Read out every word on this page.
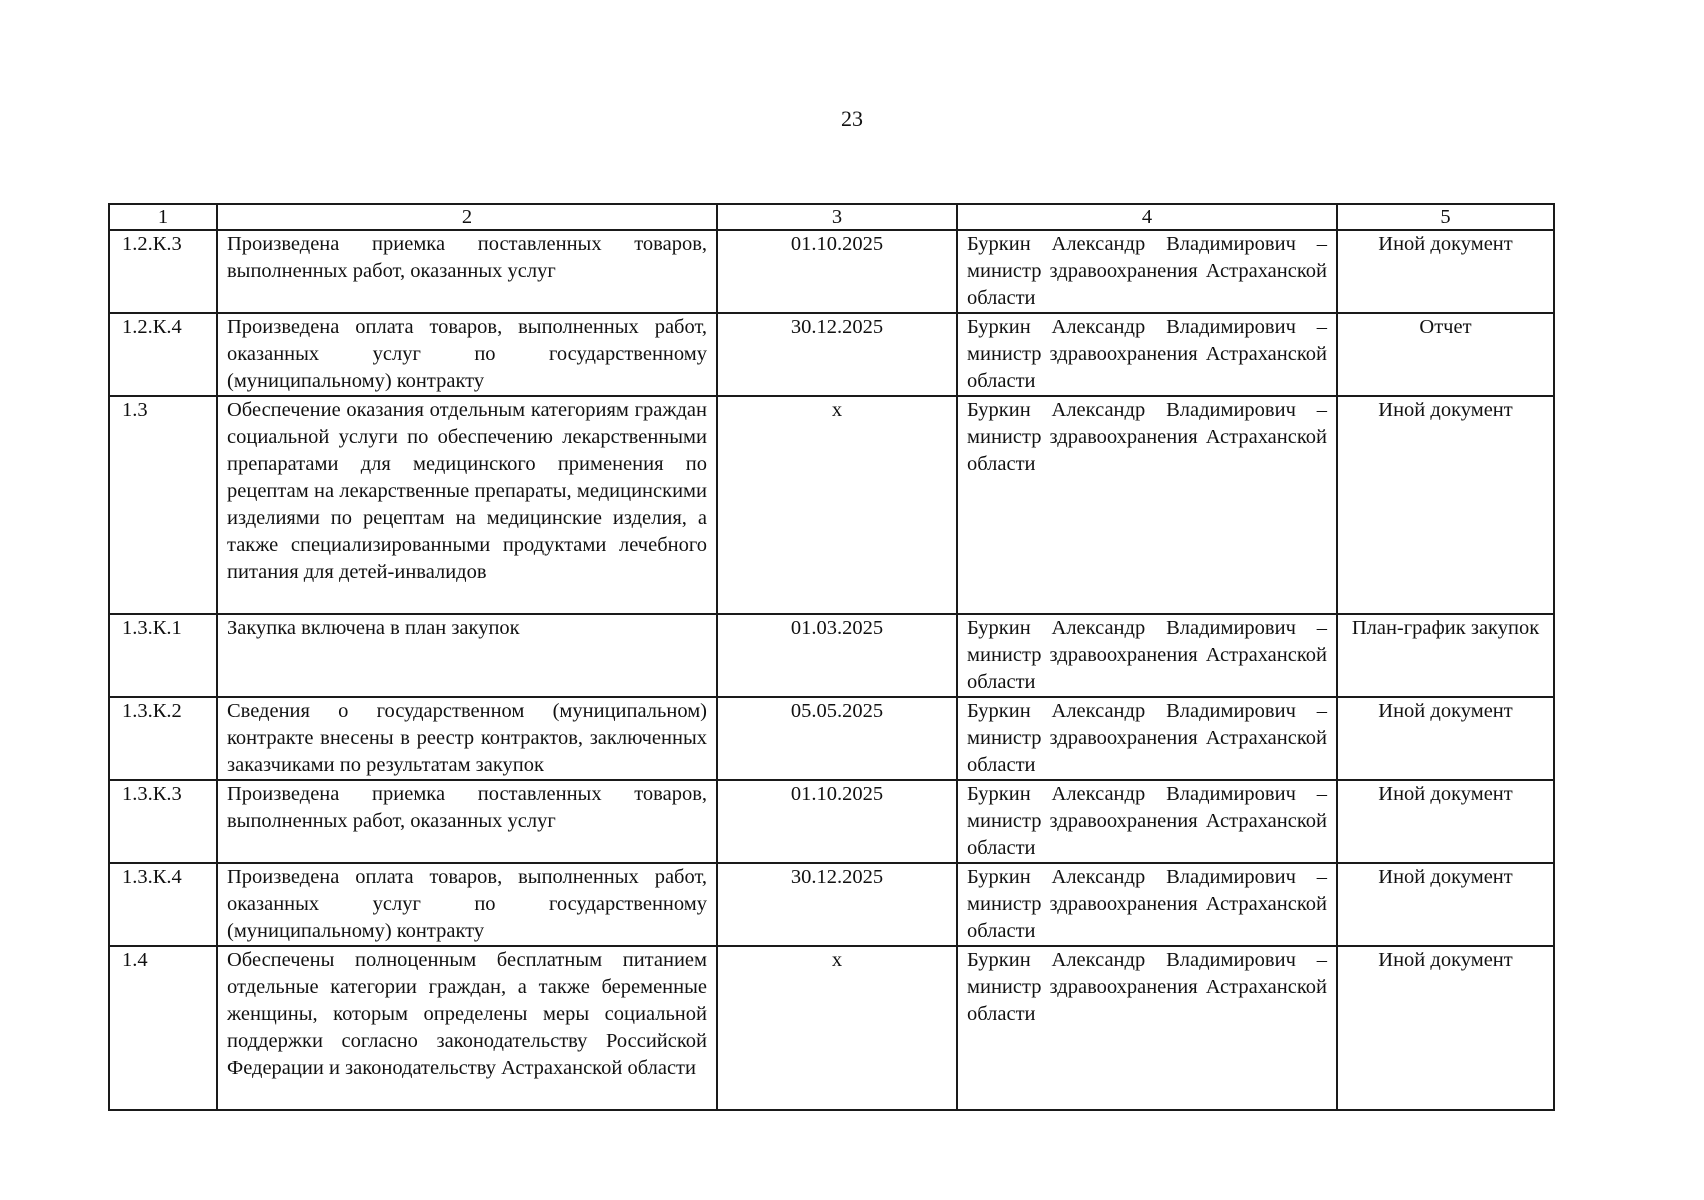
23
1	2	3	4	5
1.2.К.3	Произведена приемка поставленных товаров, выполненных работ, оказанных услуг	01.10.2025	Буркин Александр Владимирович – министр здравоохранения Астраханской области	Иной документ
1.2.К.4	Произведена оплата товаров, выполненных работ, оказанных услуг по государственному (муниципальному) контракту	30.12.2025	Буркин Александр Владимирович – министр здравоохранения Астраханской области	Отчет
1.3	Обеспечение оказания отдельным категориям граждан социальной услуги по обеспечению лекарственными препаратами для медицинского применения по рецептам на лекарственные препараты, медицинскими изделиями по рецептам на медицинские изделия, а также специализированными продуктами лечебного питания для детей-инвалидов	x	Буркин Александр Владимирович – министр здравоохранения Астраханской области	Иной документ
1.3.К.1	Закупка включена в план закупок	01.03.2025	Буркин Александр Владимирович – министр здравоохранения Астраханской области	План-график закупок
1.3.К.2	Сведения о государственном (муниципальном) контракте внесены в реестр контрактов, заключенных заказчиками по результатам закупок	05.05.2025	Буркин Александр Владимирович – министр здравоохранения Астраханской области	Иной документ
1.3.К.3	Произведена приемка поставленных товаров, выполненных работ, оказанных услуг	01.10.2025	Буркин Александр Владимирович – министр здравоохранения Астраханской области	Иной документ
1.3.К.4	Произведена оплата товаров, выполненных работ, оказанных услуг по государственному (муниципальному) контракту	30.12.2025	Буркин Александр Владимирович – министр здравоохранения Астраханской области	Иной документ
1.4	Обеспечены полноценным бесплатным питанием отдельные категории граждан, а также беременные женщины, которым определены меры социальной поддержки согласно законодательству Российской Федерации и законодательству Астраханской области	x	Буркин Александр Владимирович – министр здравоохранения Астраханской области	Иной документ
